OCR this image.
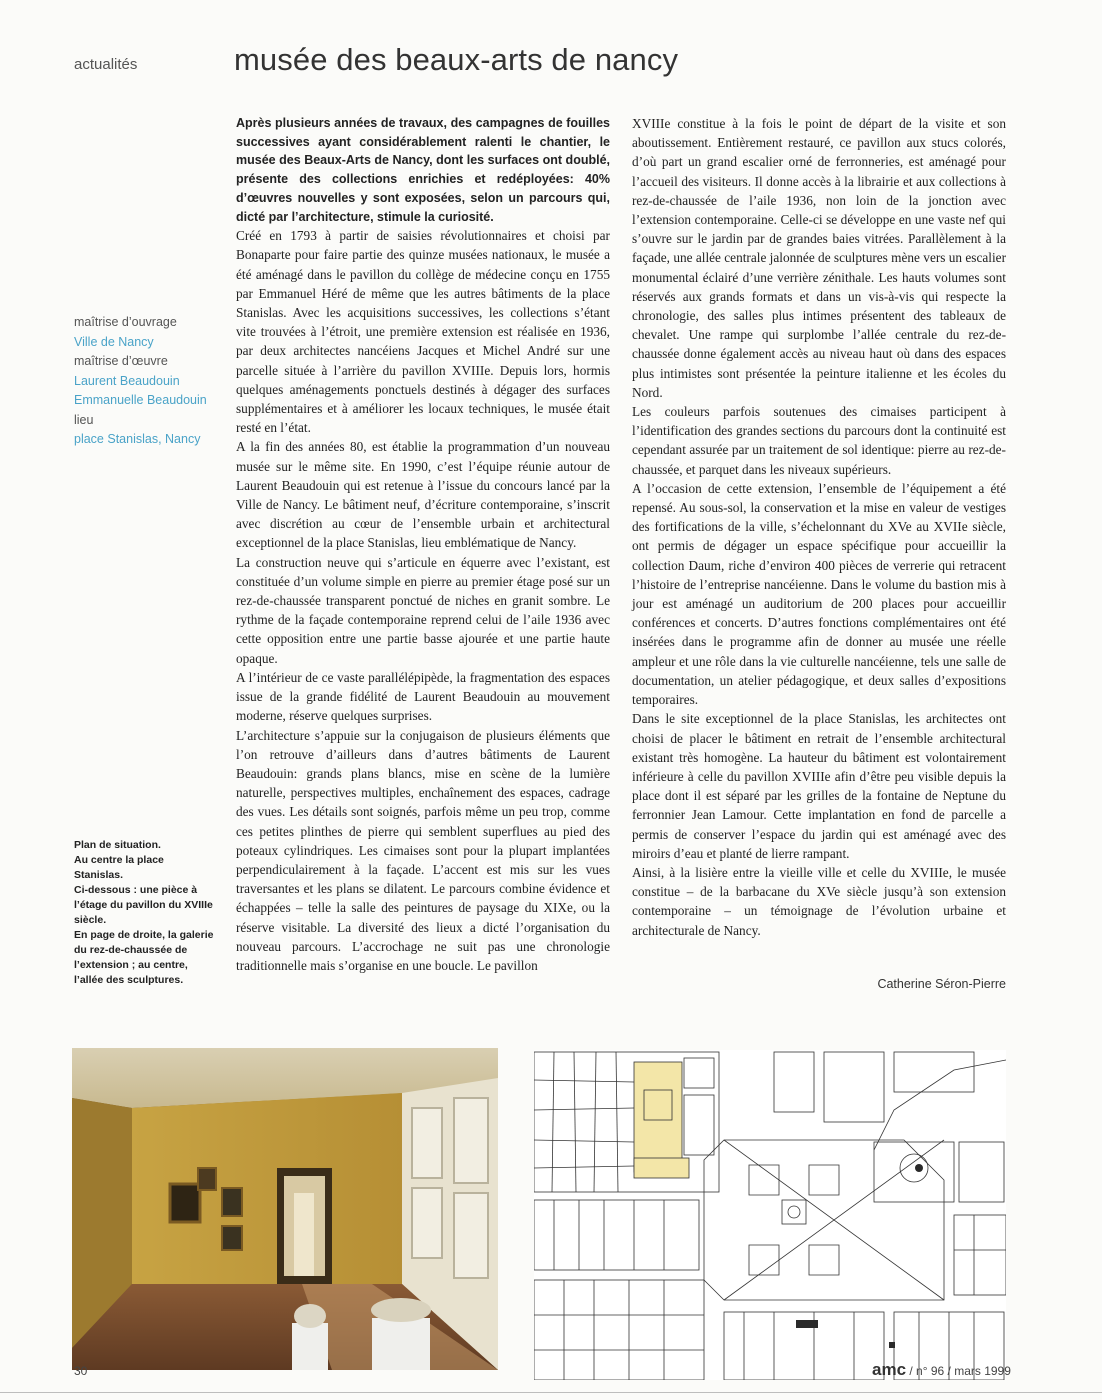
actualités	musée des beaux-arts de nancy
maîtrise d’ouvrage
Ville de Nancy
maîtrise d’œuvre
Laurent Beaudouin
Emmanuelle Beaudouin
lieu
place Stanislas, Nancy
Plan de situation.
Au centre la place Stanislas.
Ci-dessous : une pièce à l’étage du pavillon du XVIIIe siècle.
En page de droite, la galerie du rez-de-chaussée de l’extension ; au centre, l’allée des sculptures.

Après plusieurs années de travaux, des campagnes de fouilles successives ayant considérablement ralenti le chantier, le musée des Beaux-Arts de Nancy, dont les surfaces ont doublé, présente des collections enrichies et redéployées: 40% d’œuvres nouvelles y sont exposées, selon un parcours qui, dicté par l’architecture, stimule la curiosité.

Créé en 1793 à partir de saisies révolutionnaires et choisi par Bonaparte pour faire partie des quinze musées nationaux, le musée a été aménagé dans le pavillon du collège de médecine conçu en 1755 par Emmanuel Héré de même que les autres bâtiments de la place Stanislas. Avec les acquisitions successives, les collections s’étant vite trouvées à l’étroit, une première extension est réalisée en 1936, par deux architectes nancéiens Jacques et Michel André sur une parcelle située à l’arrière du pavillon XVIIIe. Depuis lors, hormis quelques aménagements ponctuels destinés à dégager des surfaces supplémentaires et à améliorer les locaux techniques, le musée était resté en l’état.

A la fin des années 80, est établie la programmation d’un nouveau musée sur le même site. En 1990, c’est l’équipe réunie autour de Laurent Beaudouin qui est retenue à l’issue du concours lancé par la Ville de Nancy. Le bâtiment neuf, d’écriture contemporaine, s’inscrit avec discrétion au cœur de l’ensemble urbain et architectural exceptionnel de la place Stanislas, lieu emblématique de Nancy.

La construction neuve qui s’articule en équerre avec l’existant, est constituée d’un volume simple en pierre au premier étage posé sur un rez-de-chaussée transparent ponctué de niches en granit sombre. Le rythme de la façade contemporaine reprend celui de l’aile 1936 avec cette opposition entre une partie basse ajourée et une partie haute opaque.

A l’intérieur de ce vaste parallélépipède, la fragmentation des espaces issue de la grande fidélité de Laurent Beaudouin au mouvement moderne, réserve quelques surprises.

L’architecture s’appuie sur la conjugaison de plusieurs éléments que l’on retrouve d’ailleurs dans d’autres bâtiments de Laurent Beaudouin: grands plans blancs, mise en scène de la lumière naturelle, perspectives multiples, enchaînement des espaces, cadrage des vues. Les détails sont soignés, parfois même un peu trop, comme ces petites plinthes de pierre qui semblent superflues au pied des poteaux cylindriques. Les cimaises sont pour la plupart implantées perpendiculairement à la façade. L’accent est mis sur les vues traversantes et les plans se dilatent. Le parcours combine évidence et échappées – telle la salle des peintures de paysage du XIXe, ou la réserve visitable. La diversité des lieux a dicté l’organisation du nouveau parcours. L’accrochage ne suit pas une chronologie traditionnelle mais s’organise en une boucle. Le pavillon

XVIIIe constitue à la fois le point de départ de la visite et son aboutissement. Entièrement restauré, ce pavillon aux stucs colorés, d’où part un grand escalier orné de ferronneries, est aménagé pour l’accueil des visiteurs. Il donne accès à la librairie et aux collections à rez-de-chaussée de l’aile 1936, non loin de la jonction avec l’extension contemporaine. Celle-ci se développe en une vaste nef qui s’ouvre sur le jardin par de grandes baies vitrées. Parallèlement à la façade, une allée centrale jalonnée de sculptures mène vers un escalier monumental éclairé d’une verrière zénithale. Les hauts volumes sont réservés aux grands formats et dans un vis-à-vis qui respecte la chronologie, des salles plus intimes présentent des tableaux de chevalet. Une rampe qui surplombe l’allée centrale du rez-de-chaussée donne également accès au niveau haut où dans des espaces plus intimistes sont présentée la peinture italienne et les écoles du Nord.

Les couleurs parfois soutenues des cimaises participent à l’identification des grandes sections du parcours dont la continuité est cependant assurée par un traitement de sol identique: pierre au rez-de-chaussée, et parquet dans les niveaux supérieurs.

A l’occasion de cette extension, l’ensemble de l’équipement a été repensé. Au sous-sol, la conservation et la mise en valeur de vestiges des fortifications de la ville, s’échelonnant du XVe au XVIIe siècle, ont permis de dégager un espace spécifique pour accueillir la collection Daum, riche d’environ 400 pièces de verrerie qui retracent l’histoire de l’entreprise nancéienne. Dans le volume du bastion mis à jour est aménagé un auditorium de 200 places pour accueillir conférences et concerts. D’autres fonctions complémentaires ont été insérées dans le programme afin de donner au musée une réelle ampleur et une rôle dans la vie culturelle nancéienne, tels une salle de documentation, un atelier pédagogique, et deux salles d’expositions temporaires.

Dans le site exceptionnel de la place Stanislas, les architectes ont choisi de placer le bâtiment en retrait de l’ensemble architectural existant très homogène. La hauteur du bâtiment est volontairement inférieure à celle du pavillon XVIIIe afin d’être peu visible depuis la place dont il est séparé par les grilles de la fontaine de Neptune du ferronnier Jean Lamour. Cette implantation en fond de parcelle a permis de conserver l’espace du jardin qui est aménagé avec des miroirs d’eau et planté de lierre rampant.

Ainsi, à la lisière entre la vieille ville et celle du XVIIIe, le musée constitue – de la barbacane du XVe siècle jusqu’à son extension contemporaine – un témoignage de l’évolution urbaine et architecturale de Nancy.

Catherine Séron-Pierre
30	amc / n° 96 / mars 1999
